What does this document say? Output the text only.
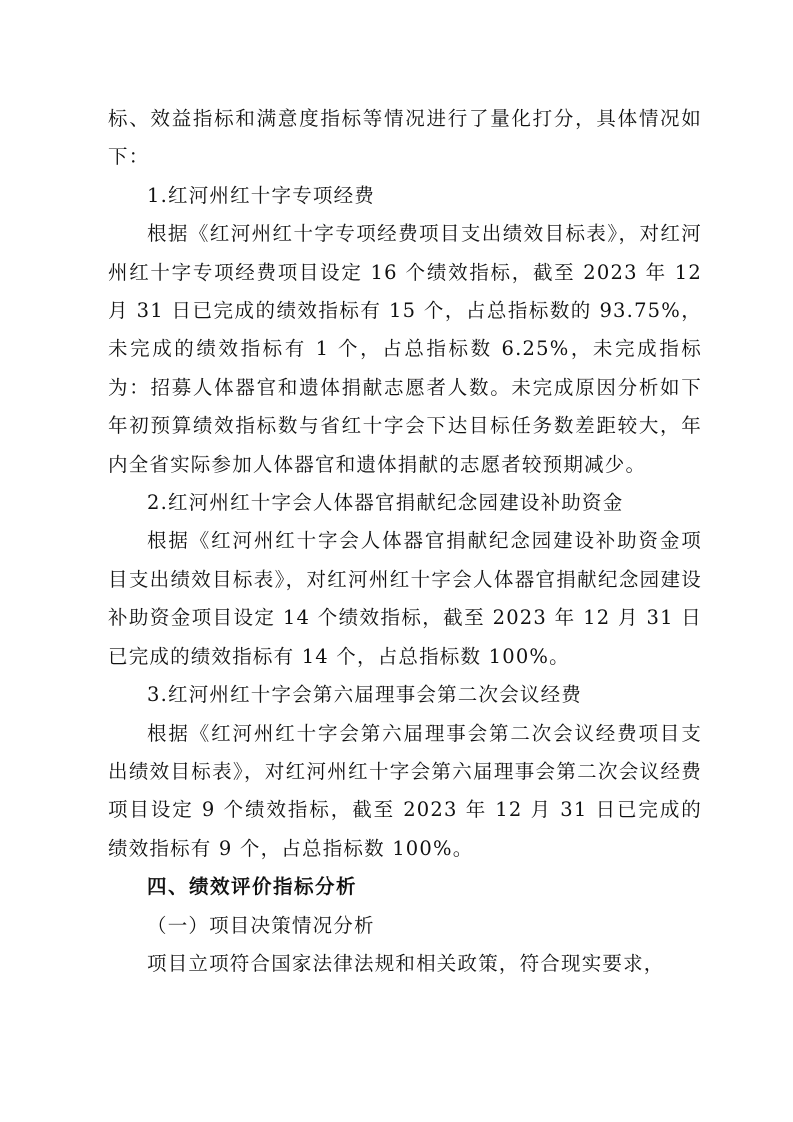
标、效益指标和满意度指标等情况进行了量化打分，具体情况如下：

1.红河州红十字专项经费

根据《红河州红十字专项经费项目支出绩效目标表》，对红河州红十字专项经费项目设定 16 个绩效指标，截至 2023 年 12 月 31 日已完成的绩效指标有 15 个，占总指标数的 93.75%，未完成的绩效指标有 1 个，占总指标数 6.25%，未完成指标为：招募人体器官和遗体捐献志愿者人数。未完成原因分析如下年初预算绩效指标数与省红十字会下达目标任务数差距较大，年内全省实际参加人体器官和遗体捐献的志愿者较预期减少。

2.红河州红十字会人体器官捐献纪念园建设补助资金

根据《红河州红十字会人体器官捐献纪念园建设补助资金项目支出绩效目标表》，对红河州红十字会人体器官捐献纪念园建设补助资金项目设定 14 个绩效指标，截至 2023 年 12 月 31 日已完成的绩效指标有 14 个，占总指标数 100%。

3.红河州红十字会第六届理事会第二次会议经费

根据《红河州红十字会第六届理事会第二次会议经费项目支出绩效目标表》，对红河州红十字会第六届理事会第二次会议经费项目设定 9 个绩效指标，截至 2023 年 12 月 31 日已完成的绩效指标有 9 个，占总指标数 100%。

四、绩效评价指标分析

（一）项目决策情况分析

项目立项符合国家法律法规和相关政策，符合现实要求，
